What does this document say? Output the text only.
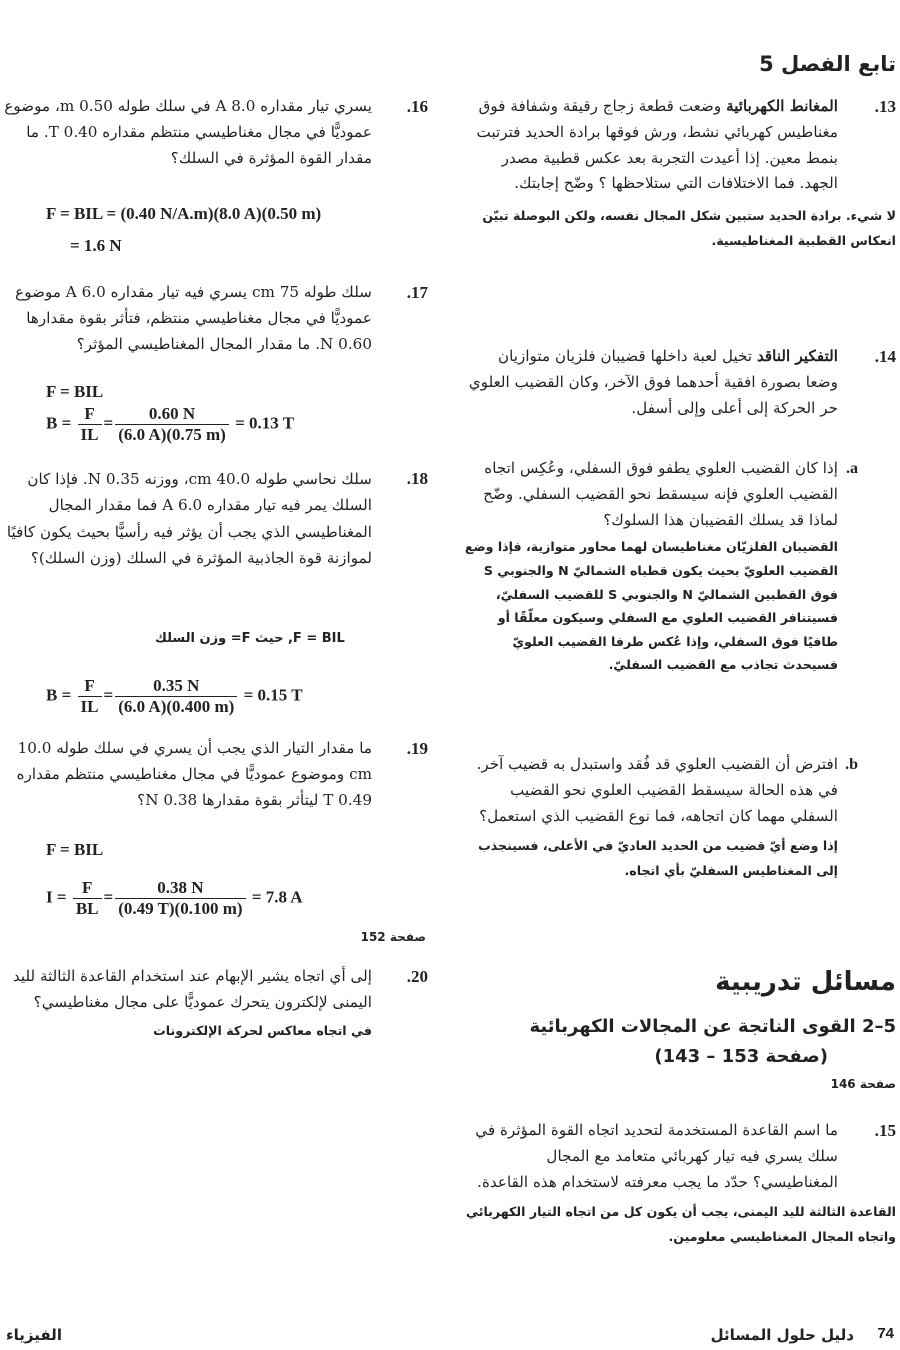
تابع الفصل 5
.13
المغانط الكهربائية وضعت قطعة زجاج رقيقة وشفافة فوق مغناطيس كهربائي نشط، ورش فوقها برادة الحديد فترتبت بنمط معين. إذا أعيدت التجربة بعد عكس قطبية مصدر الجهد. فما الاختلافات التي ستلاحظها ؟ وضّح إجابتك.
لا شيء. برادة الحديد ستبين شكل المجال نفسه، ولكن البوصلة تبيّن انعكاس القطبية المغناطيسية.
.14
التفكير الناقد تخيل لعبة داخلها قضيبان فلزيان متوازيان وضعا بصورة افقية أحدهما فوق الآخر، وكان القضيب العلوي حر الحركة إلى أعلى وإلى أسفل.
.a
إذا كان القضيب العلوي يطفو فوق السفلي، وعُكِس اتجاه القضيب العلوي فإنه سيسقط نحو القضيب السفلي. وضّح لماذا قد يسلك القضيبان هذا السلوك؟
القضيبان الفلزيّان مغناطيسان لهما محاور متوازية، فإذا وضع القضيب العلويّ بحيث يكون قطباه الشماليّ N والجنوبي S فوق القطبين الشماليّ N والجنوبي S للقضيب السفليّ، فسيتنافر القضيب العلوي مع السفلي وسيكون معلّقًا أو طافيًا فوق السفلي، وإذا عُكس طرفا القضيب العلويّ فسيحدث تجاذب مع القضيب السفليّ.
.b
افترض أن القضيب العلوي قد فُقد واستبدل به قضيب آخر. في هذه الحالة سيسقط القضيب العلوي نحو القضيب السفلي مهما كان اتجاهه، فما نوع القضيب الذي استعمل؟
إذا وضع أيّ قضيب من الحديد العاديّ في الأعلى، فسينجذب إلى المغناطيس السفليّ بأي اتجاه.
مسائل تدريبية
5–2 القوى الناتجة عن المجالات الكهربائية
(صفحة 153 – 143)
صفحة 146
.15
ما اسم القاعدة المستخدمة لتحديد اتجاه القوة المؤثرة في سلك يسري فيه تيار كهربائي متعامد مع المجال المغناطيسي؟ حدّد ما يجب معرفته لاستخدام هذه القاعدة.
القاعدة الثالثة لليد اليمنى، يجب أن يكون كل من اتجاه التيار الكهربائي واتجاه المجال المغناطيسي معلومين.
.16
يسري تيار مقداره 8.0 A في سلك طوله 0.50 m، موضوع عموديًّا في مجال مغناطيسي منتظم مقداره 0.40 T. ما مقدار القوة المؤثرة في السلك؟
F = BIL = (0.40 N/A.m)(8.0 A)(0.50 m)
= 1.6 N
.17
سلك طوله 75 cm يسري فيه تيار مقداره 6.0 A موضوع عموديًّا في مجال مغناطيسي منتظم، فتأثر بقوة مقدارها 0.60 N. ما مقدار المجال المغناطيسي المؤثر؟
F = BIL
$B = \frac{F}{IL} = \frac{0.60 N}{(6.0 A)(0.75 m)} = 0.13$ T
.18
سلك نحاسي طوله 40.0 cm، ووزنه 0.35 N. فإذا كان السلك يمر فيه تيار مقداره 6.0 A فما مقدار المجال المغناطيسي الذي يجب أن يؤثر فيه رأسيًّا بحيث يكون كافيًا لموازنة قوة الجاذبية المؤثرة في السلك (وزن السلك)؟
F = BIL, حيث F= وزن السلك
$B = \frac{F}{IL} = \frac{0.35 N}{(6.0 A)(0.400 m)} = 0.15$ T
.19
ما مقدار التيار الذي يجب أن يسري في سلك طوله 10.0 cm وموضوع عموديًّا في مجال مغناطيسي منتظم مقداره 0.49 T ليتأثر بقوة مقدارها 0.38 N؟
F = BIL
$I = \frac{F}{BL} = \frac{0.38 N}{(0.49 T)(0.100 m)} = 7.8$ A
صفحة 152
.20
إلى أي اتجاه يشير الإبهام عند استخدام القاعدة الثالثة لليد اليمنى لإلكترون يتحرك عموديًّا على مجال مغناطيسي؟
في اتجاه معاكس لحركة الإلكترونات
74
دليل حلول المسائل
الفيزياء
